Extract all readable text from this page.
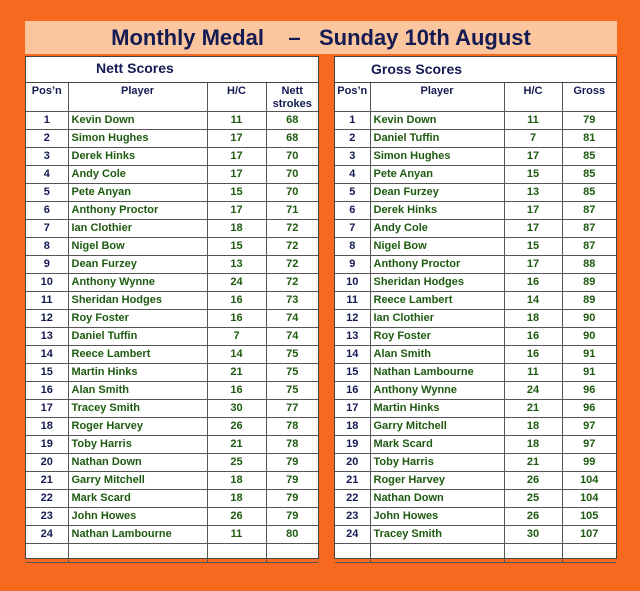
Monthly Medal    –   Sunday 10th August
Nett Scores
Pos’n	Player	H/C	Nett strokes
1	Kevin Down	11	68
2	Simon Hughes	17	68
3	Derek Hinks	17	70
4	Andy Cole	17	70
5	Pete Anyan	15	70
6	Anthony Proctor	17	71
7	Ian Clothier	18	72
8	Nigel Bow	15	72
9	Dean Furzey	13	72
10	Anthony Wynne	24	72
11	Sheridan Hodges	16	73
12	Roy Foster	16	74
13	Daniel Tuffin	7	74
14	Reece Lambert	14	75
15	Martin Hinks	21	75
16	Alan Smith	16	75
17	Tracey Smith	30	77
18	Roger Harvey	26	78
19	Toby Harris	21	78
20	Nathan Down	25	79
21	Garry Mitchell	18	79
22	Mark Scard	18	79
23	John Howes	26	79
24	Nathan Lambourne	11	80

Gross Scores
Pos’n	Player	H/C	Gross
1	Kevin Down	11	79
2	Daniel Tuffin	7	81
3	Simon Hughes	17	85
4	Pete Anyan	15	85
5	Dean Furzey	13	85
6	Derek Hinks	17	87
7	Andy Cole	17	87
8	Nigel Bow	15	87
9	Anthony Proctor	17	88
10	Sheridan Hodges	16	89
11	Reece Lambert	14	89
12	Ian Clothier	18	90
13	Roy Foster	16	90
14	Alan Smith	16	91
15	Nathan Lambourne	11	91
16	Anthony Wynne	24	96
17	Martin Hinks	21	96
18	Garry Mitchell	18	97
19	Mark Scard	18	97
20	Toby Harris	21	99
21	Roger Harvey	26	104
22	Nathan Down	25	104
23	John Howes	26	105
24	Tracey Smith	30	107
